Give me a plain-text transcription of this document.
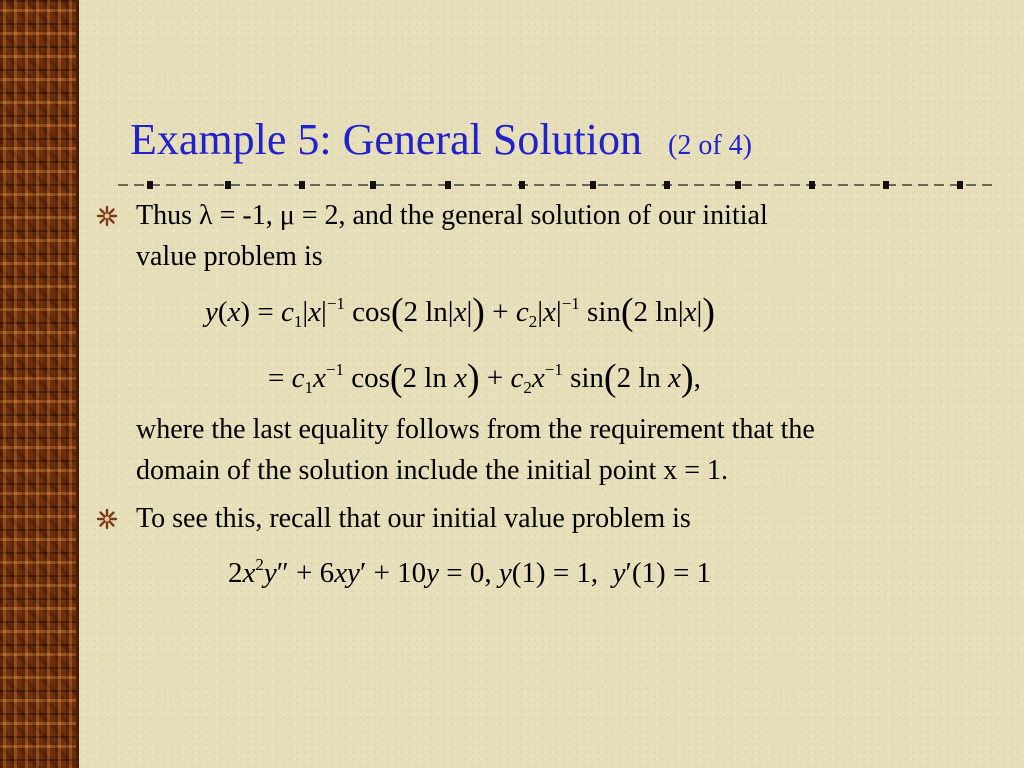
Example 5: General Solution (2 of 4)
Thus λ = -1, μ = 2, and the general solution of our initial
value problem is
$y(x) = c_1|x|^{-1}$ cos(2 $\ln|x|) + c_2|x|^{-1}$ sin(2 ln|x|)
= $c_1x^{-1}$ cos(2 $\ln x) + c_2x^{-1}$ sin(2 ln x),
where the last equality follows from the requirement that the
domain of the solution include the initial point x = 1.
To see this, recall that our initial value problem is
$2x^2y'' + 6xy' + 10y = 0$, y(1) = 1,  y′(1) = 1
